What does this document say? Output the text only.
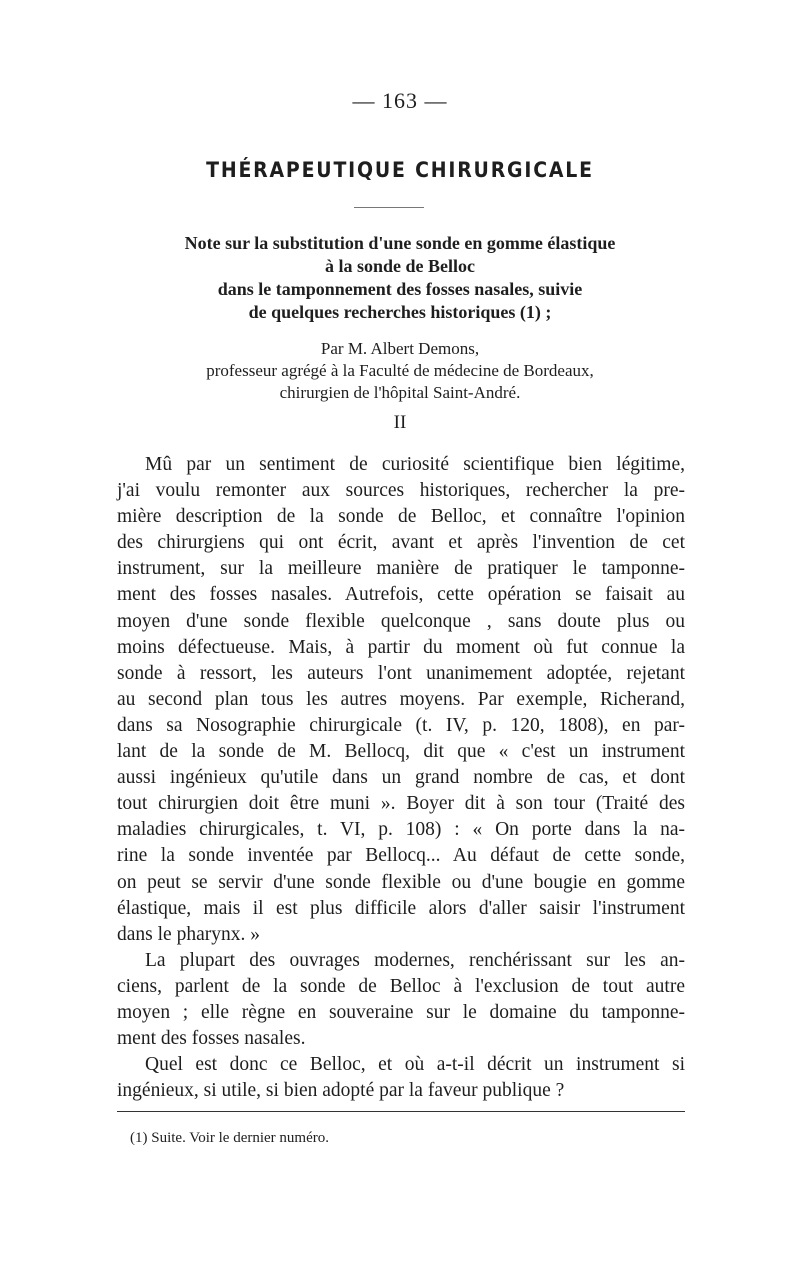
— 163 —
THÉRAPEUTIQUE CHIRURGICALE
Note sur la substitution d'une sonde en gomme élastique
à la sonde de Belloc
dans le tamponnement des fosses nasales, suivie
de quelques recherches historiques (1) ;
Par M. Albert Demons,
professeur agrégé à la Faculté de médecine de Bordeaux,
chirurgien de l'hôpital Saint-André.
II
Mû par un sentiment de curiosité scientifique bien légitime,
j'ai voulu remonter aux sources historiques, rechercher la pre-
mière description de la sonde de Belloc, et connaître l'opinion
des chirurgiens qui ont écrit, avant et après l'invention de cet
instrument, sur la meilleure manière de pratiquer le tamponne-
ment des fosses nasales. Autrefois, cette opération se faisait au
moyen d'une sonde flexible quelconque , sans doute plus ou
moins défectueuse. Mais, à partir du moment où fut connue la
sonde à ressort, les auteurs l'ont unanimement adoptée, rejetant
au second plan tous les autres moyens. Par exemple, Richerand,
dans sa Nosographie chirurgicale (t. IV, p. 120, 1808), en par-
lant de la sonde de M. Bellocq, dit que « c'est un instrument
aussi ingénieux qu'utile dans un grand nombre de cas, et dont
tout chirurgien doit être muni ». Boyer dit à son tour (Traité des
maladies chirurgicales, t. VI, p. 108) : « On porte dans la na-
rine la sonde inventée par Bellocq... Au défaut de cette sonde,
on peut se servir d'une sonde flexible ou d'une bougie en gomme
élastique, mais il est plus difficile alors d'aller saisir l'instrument
dans le pharynx. »
La plupart des ouvrages modernes, renchérissant sur les an-
ciens, parlent de la sonde de Belloc à l'exclusion de tout autre
moyen ; elle règne en souveraine sur le domaine du tamponne-
ment des fosses nasales.
Quel est donc ce Belloc, et où a-t-il décrit un instrument si
ingénieux, si utile, si bien adopté par la faveur publique ?
(1) Suite. Voir le dernier numéro.
